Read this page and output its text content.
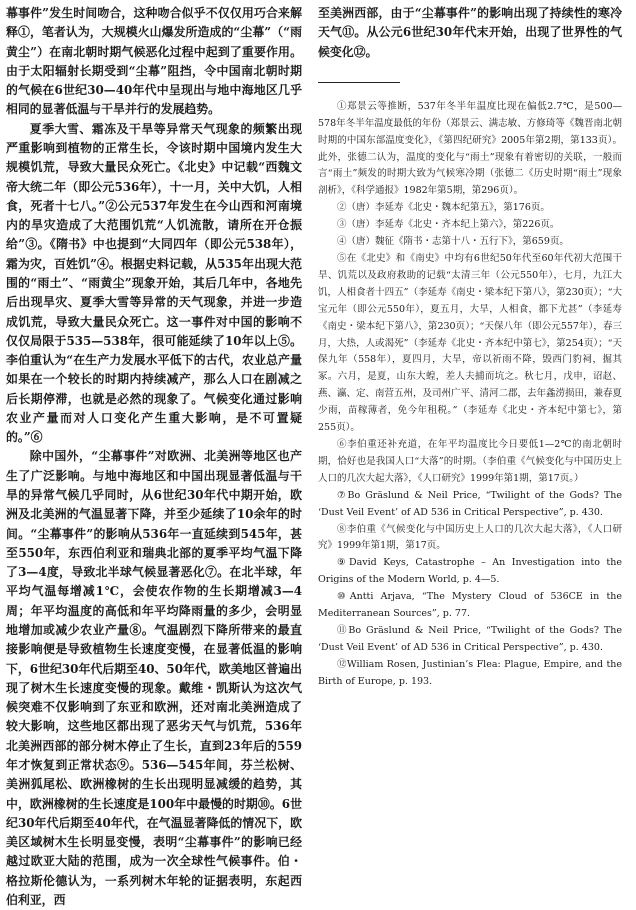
幕事件”发生时间吻合，这种吻合似乎不仅仅用巧合来解释①，笔者认为，大规模火山爆发所造成的“尘幕”（“雨黄尘”）在南北朝时期气候恶化过程中起到了重要作用。由于太阳辐射长期受到“尘幕”阻挡，令中国南北朝时期的气候在6世纪30—40年代中呈现出与地中海地区几乎相同的显著低温与干旱并行的发展趋势。

夏季大雪、霜冻及干旱等异常天气现象的频繁出现严重影响到植物的正常生长，令该时期中国境内发生大规模饥荒，导致大量民众死亡。《北史》中记载“西魏文帝大统二年（即公元536年），十一月，关中大饥，人相食，死者十七八。”②公元537年发生在今山西和河南境内的旱灾造成了大范围饥荒“人饥流散，请所在开仓振给”③。《隋书》中也提到“大同四年（即公元538年），霜为灾，百姓饥”④。根据史料记载，从535年出现大范围的“雨土”、“雨黄尘”现象开始，其后几年中，各地先后出现旱灾、夏季大雪等异常的天气现象，并进一步造成饥荒，导致大量民众死亡。这一事件对中国的影响不仅仅局限于535—538年，很可能延续了10年以上⑤。李伯重认为“在生产力发展水平低下的古代，农业总产量如果在一个较长的时期内持续减产，那么人口在剧减之后长期停滞，也就是必然的现象了。气候变化通过影响农业产量而对人口变化产生重大影响，是不可置疑的。”⑥

除中国外，“尘幕事件”对欧洲、北美洲等地区也产生了广泛影响。与地中海地区和中国出现显著低温与干旱的异常气候几乎同时，从6世纪30年代中期开始，欧洲及北美洲的气温显著下降，并至少延续了10余年的时间。“尘幕事件”的影响从536年一直延续到545年，甚至550年，东西伯利亚和瑞典北部的夏季平均气温下降了3—4度，导致北半球气候显著恶化⑦。在北半球，年平均气温每增减1℃，会使农作物的生长期增减3—4周；年平均温度的高低和年平均降雨量的多少，会明显地增加或减少农业产量⑧。气温剧烈下降所带来的最直接影响便是导致植物生长速度变慢，在显著低温的影响下，6世纪30年代后期至40、50年代，欧美地区普遍出现了树木生长速度变慢的现象。戴维・凯斯认为这次气候突难不仅影响到了东亚和欧洲，还对南北美洲造成了较大影响，这些地区都出现了恶劣天气与饥荒，536年北美洲西部的部分树木停止了生长，直到23年后的559年才恢复到正常状态⑨。536—545年间，芬兰松树、美洲狐尾松、欧洲橡树的生长出现明显减缓的趋势，其中，欧洲橡树的生长速度是100年中最慢的时期⑩。6世纪30年代后期至40年代，在气温显著降低的情况下，欧美区域树木生长明显变慢，表明“尘幕事件”的影响已经越过欧亚大陆的范围，成为一次全球性气候事件。伯・格拉斯伦德认为，一系列树木年轮的证据表明，东起西伯利亚，西

至美洲西部，由于“尘幕事件”的影响出现了持续性的寒冷天气⑪。从公元6世纪30年代末开始，出现了世界性的气候变化⑫。

①郑景云等推断，537年冬半年温度比现在偏低2.7℃，是500—578年冬半年温度最低的年份（郑景云、满志敏、方修琦等《魏晋南北朝时期的中国东部温度变化》，《第四纪研究》2005年第2期，第133页）。此外，张德二认为，温度的变化与“雨土”现象有着密切的关联，一般而言“雨土”频发的时期大致为气候寒冷期（张德二《历史时期“雨土”现象剖析》，《科学通报》1982年第5期，第296页）。

②（唐）李延寿《北史・魏本纪第五》，第176页。

③（唐）李延寿《北史・齐本纪上第六》，第226页。

④（唐）魏征《隋书・志第十八・五行下》，第659页。

⑤在《北史》和《南史》中均有6世纪50年代至60年代初大范围干旱、饥荒以及政府救助的记载“太清三年（公元550年），七月，九江大饥，人相食者十四五”（李延寿《南史・梁本纪下第八》，第230页）；“大宝元年（即公元550年），夏五月，大旱，人相食，都下尤甚”（李延寿《南史・梁本纪下第八》，第230页）；“天保八年（即公元557年），春三月，大热，人或渴死”（李延寿《北史・齐本纪中第七》，第254页）；“天保九年（558年），夏四月，大旱，帝以祈雨不降，毁西门豹祠，掘其冢。六月，是夏，山东大蝗，差人夫捕而坑之。秋七月，戊申，诏赵、燕、瀛、定、南营五州，及司州广平、清河二郡，去年螽涝损田，兼春夏少雨，苗稼薄者，免今年租税。”（李延寿《北史・齐本纪中第七》，第255页）。

⑥李伯重还补充道，在年平均温度比今日要低1—2℃的南北朝时期，恰好也是我国人口“大落”的时期。（李伯重《气候变化与中国历史上人口的几次大起大落》，《人口研究》1999年第1期，第17页。）

⑦Bo Gräslund & Neil Price, “Twilight of the Gods? The ‘Dust Veil Event’ of AD 536 in Critical Perspective”, p. 430.

⑧李伯重《气候变化与中国历史上人口的几次大起大落》，《人口研究》1999年第1期，第17页。

⑨David Keys, Catastrophe – An Investigation into the Origins of the Modern World, p. 4—5.

⑩Antti Arjava, “The Mystery Cloud of 536CE in the Mediterranean Sources”, p. 77.

⑪Bo Gräslund & Neil Price, “Twilight of the Gods? The ‘Dust Veil Event’ of AD 536 in Critical Perspective”, p. 430.

⑫William Rosen, Justinian’s Flea: Plague, Empire, and the Birth of Europe, p. 193.
